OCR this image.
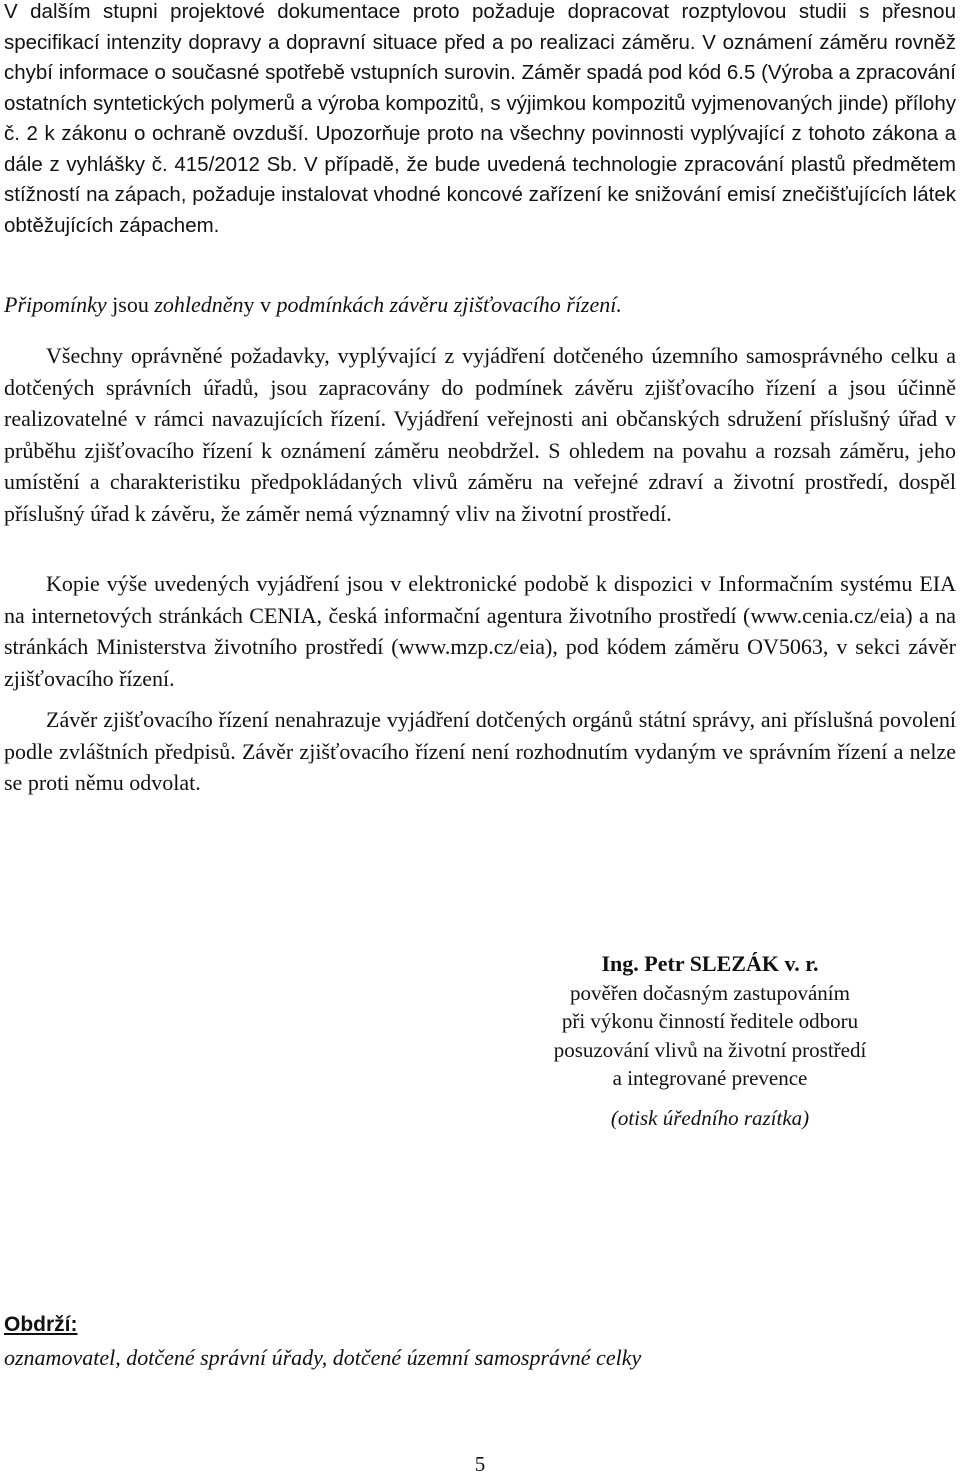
V dalším stupni projektové dokumentace proto požaduje dopracovat rozptylovou studii s přesnou specifikací intenzity dopravy a dopravní situace před a po realizaci záměru. V oznámení záměru rovněž chybí informace o současné spotřebě vstupních surovin. Záměr spadá pod kód 6.5 (Výroba a zpracování ostatních syntetických polymerů a výroba kompozitů, s výjimkou kompozitů vyjmenovaných jinde) přílohy č. 2 k zákonu o ochraně ovzduší. Upozorňuje proto na všechny povinnosti vyplývající z tohoto zákona a dále z vyhlášky č. 415/2012 Sb. V případě, že bude uvedená technologie zpracování plastů předmětem stížností na zápach, požaduje instalovat vhodné koncové zařízení ke snižování emisí znečišťujících látek obtěžujících zápachem.

Připomínky jsou zohledněny v podmínkách závěru zjišťovacího řízení.

Všechny oprávněné požadavky, vyplývající z vyjádření dotčeného územního samosprávného celku a dotčených správních úřadů, jsou zapracovány do podmínek závěru zjišťovacího řízení a jsou účinně realizovatelné v rámci navazujících řízení. Vyjádření veřejnosti ani občanských sdružení příslušný úřad v průběhu zjišťovacího řízení k oznámení záměru neobdržel. S ohledem na povahu a rozsah záměru, jeho umístění a charakteristiku předpokládaných vlivů záměru na veřejné zdraví a životní prostředí, dospěl příslušný úřad k závěru, že záměr nemá významný vliv na životní prostředí.

Kopie výše uvedených vyjádření jsou v elektronické podobě k dispozici v Informačním systému EIA na internetových stránkách CENIA, česká informační agentura životního prostředí (www.cenia.cz/eia) a na stránkách Ministerstva životního prostředí (www.mzp.cz/eia), pod kódem záměru OV5063, v sekci závěr zjišťovacího řízení.

Závěr zjišťovacího řízení nenahrazuje vyjádření dotčených orgánů státní správy, ani příslušná povolení podle zvláštních předpisů. Závěr zjišťovacího řízení není rozhodnutím vydaným ve správním řízení a nelze se proti němu odvolat.

Ing. Petr SLEZÁK v. r.
pověřen dočasným zastupováním
při výkonu činností ředitele odboru
posuzování vlivů na životní prostředí
a integrované prevence
(otisk úředního razítka)

Obdrží:

oznamovatel, dotčené správní úřady, dotčené územní samosprávné celky

5
